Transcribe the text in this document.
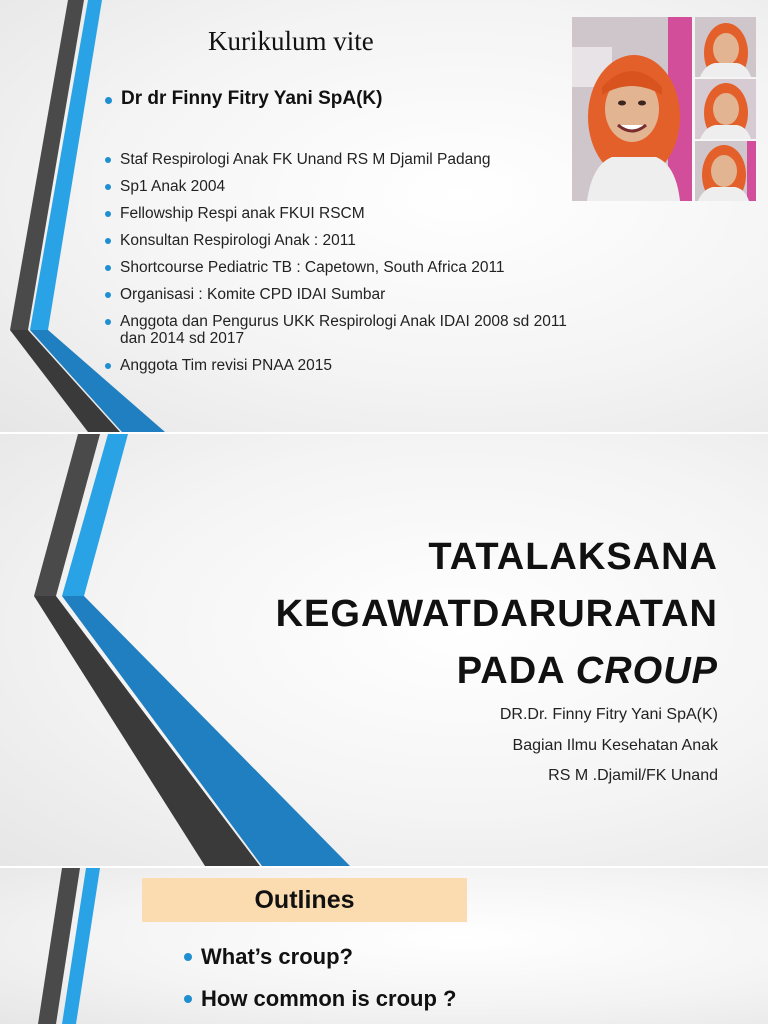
Kurikulum vite
Dr dr Finny Fitry Yani SpA(K)
Staf Respirologi Anak FK Unand RS M Djamil Padang
Sp1 Anak 2004
Fellowship Respi anak FKUI RSCM
Konsultan Respirologi Anak : 2011
Shortcourse Pediatric TB : Capetown, South Africa 2011
Organisasi : Komite CPD IDAI Sumbar
Anggota dan Pengurus UKK Respirologi Anak IDAI 2008 sd 2011 dan 2014 sd 2017
Anggota Tim revisi PNAA 2015
TATALAKSANA
KEGAWATDARURATAN
PADA CROUP
DR.Dr. Finny Fitry Yani SpA(K)
Bagian Ilmu Kesehatan Anak
RS M .Djamil/FK Unand
Outlines
What’s croup?
How common is croup ?
